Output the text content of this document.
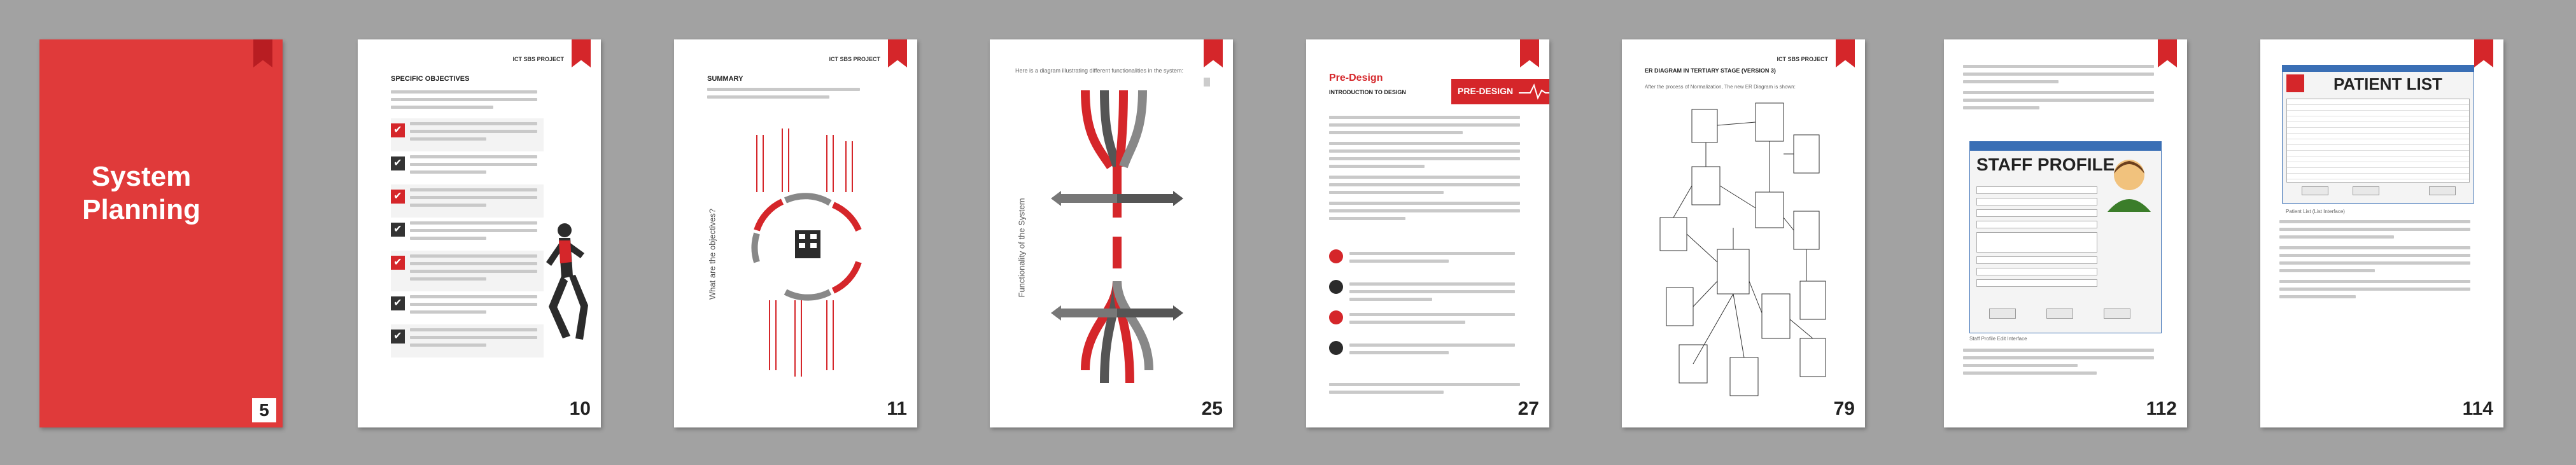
System Planning
5
ICT SBS PROJECT
SPECIFIC OBJECTIVES
✔
✔
✔
✔
✔
✔
✔
10
ICT SBS PROJECT
SUMMARY
What are the objectives?
11
Here is a diagram illustrating different functionalities in the system:
Functionality of the System
25
Pre-Design
INTRODUCTION TO DESIGN	PRE-DESIGN
27
ICT SBS PROJECT
ER DIAGRAM IN TERTIARY STAGE (VERSION 3)
After the process of Normalization, The new ER Diagram is shown:
79
STAFF PROFILE
Staff Profile Edit Interface
112
PATIENT LIST
Patient List (List Interface)
114
